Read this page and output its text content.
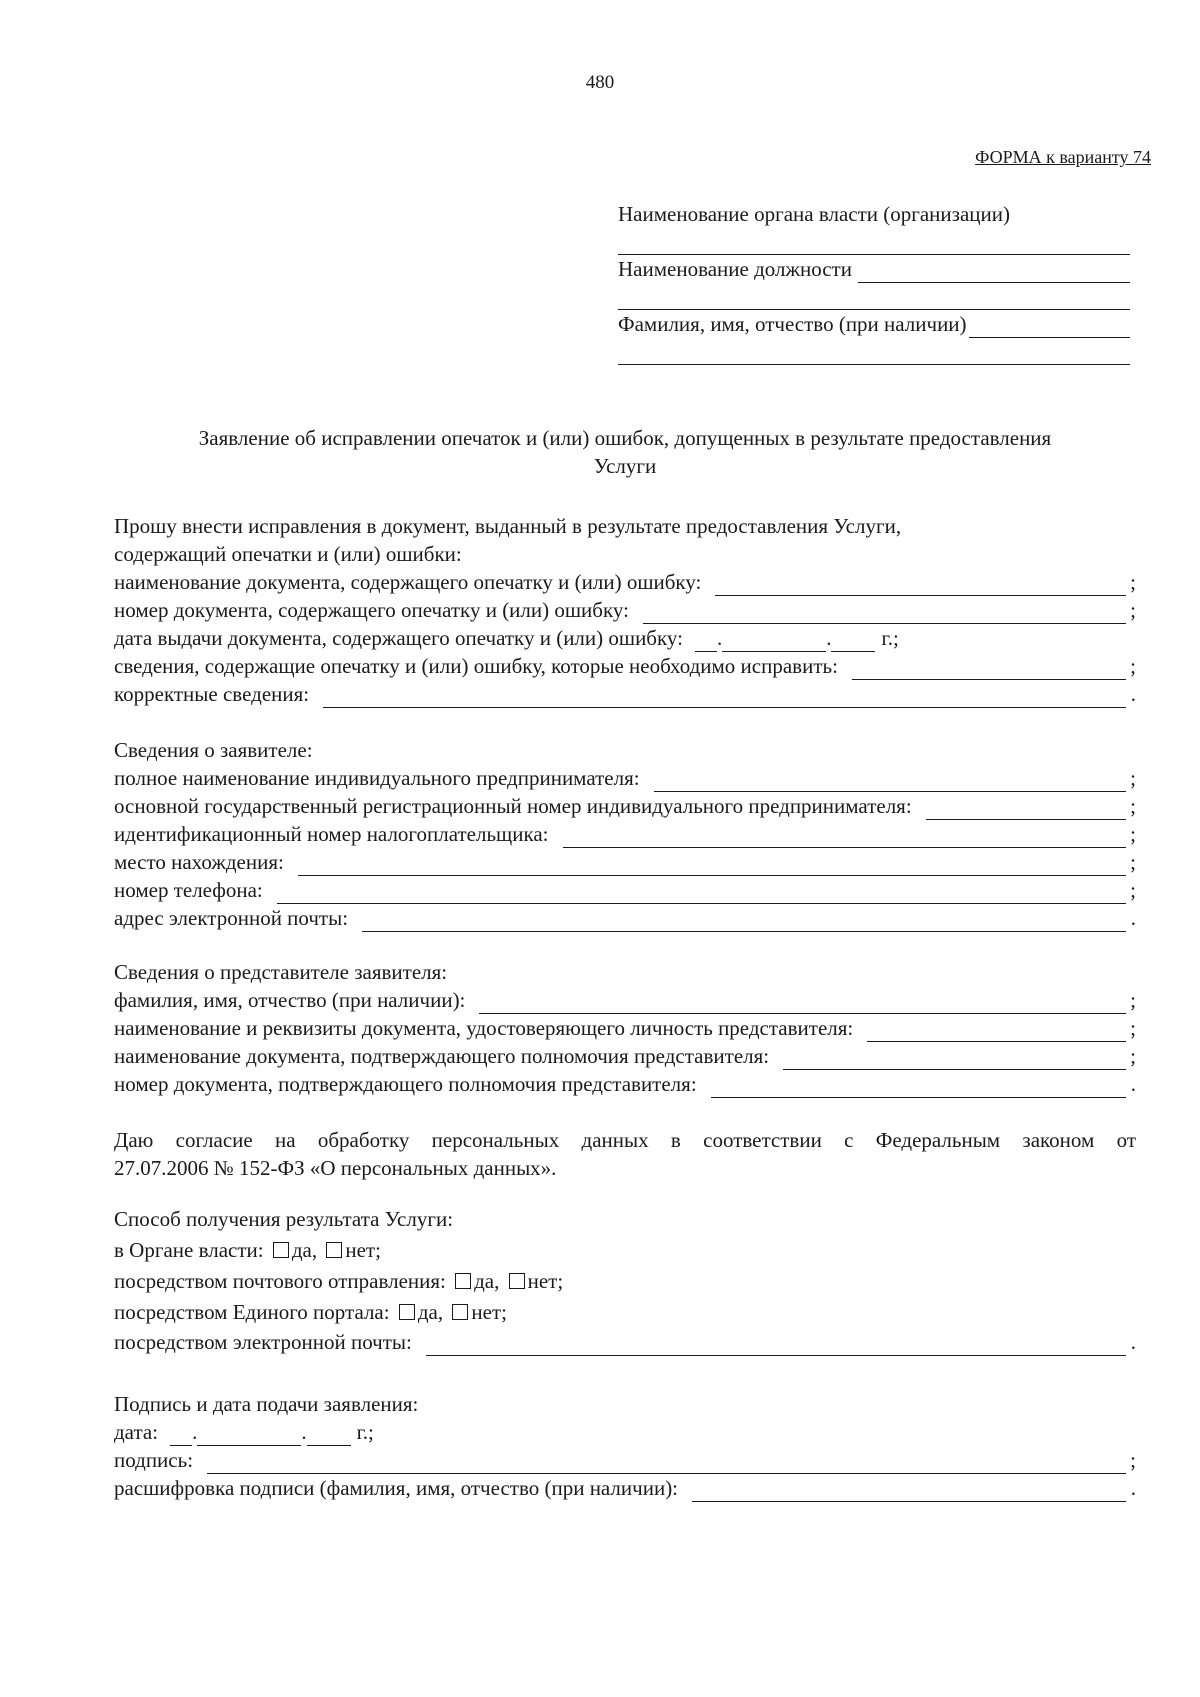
480
ФОРМА к варианту 74
Наименование органа власти (организации)
Наименование должности
Фамилия, имя, отчество (при наличии)
Заявление об исправлении опечаток и (или) ошибок, допущенных в результате предоставления
Услуги
Прошу внести исправления в документ, выданный в результате предоставления Услуги,
содержащий опечатки и (или) ошибки:
наименование документа, содержащего опечатку и (или) ошибку:	;
номер документа, содержащего опечатку и (или) ошибку:	;
дата выдачи документа, содержащего опечатку и (или) ошибку: .	. г.;
сведения, содержащие опечатку и (или) ошибку, которые необходимо исправить:	;
корректные сведения:	.
Сведения о заявителе:
полное наименование индивидуального предпринимателя:	;
основной государственный регистрационный номер индивидуального предпринимателя:	;
идентификационный номер налогоплательщика:	;
место нахождения:	;
номер телефона:	;
адрес электронной почты:	.
Сведения о представителе заявителя:
фамилия, имя, отчество (при наличии):	;
наименование и реквизиты документа, удостоверяющего личность представителя:	;
наименование документа, подтверждающего полномочия представителя:	;
номер документа, подтверждающего полномочия представителя:	.
Даю согласие на обработку персональных данных в соответствии с Федеральным законом от
27.07.2006 № 152-ФЗ «О персональных данных».
Способ получения результата Услуги:
в Органе власти: да, нет;
посредством почтового отправления: да, нет;
посредством Единого портала: да, нет;
посредством электронной почты:	.
Подпись и дата подачи заявления:
дата: .	. г.;
подпись:	;
расшифровка подписи (фамилия, имя, отчество (при наличии):	.
